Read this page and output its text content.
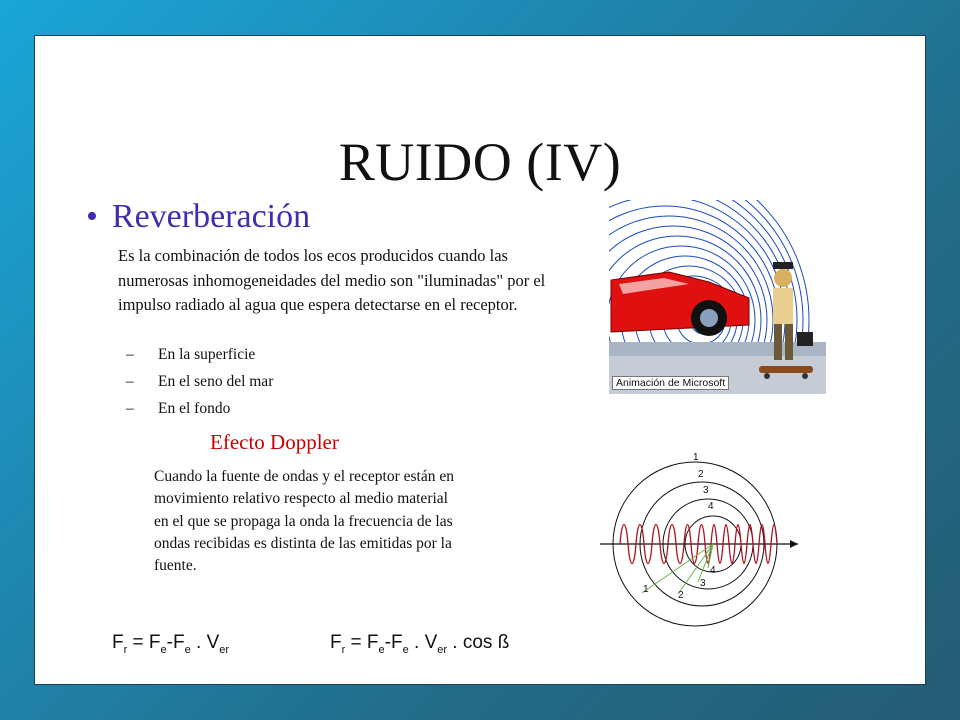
RUIDO (IV)
• Reverberación
Es la combinación de todos los ecos producidos cuando las numerosas inhomogeneidades del medio son "iluminadas" por el impulso radiado al agua que espera detectarse en el receptor.
–	En la superficie
–	En el seno del mar
–	En el fondo
Animación de Microsoft
Efecto Doppler
Cuando la fuente de ondas y el receptor están en movimiento relativo respecto al medio material en el que se propaga la onda la frecuencia de las ondas recibidas es distinta de las emitidas por la fuente.
1
2
3
4
4
3
2
1
$F_r = F_e-F_e$ . $V_{er}$	$F_r = F_e-F_e$ . $V_{er}$ . cos ß
